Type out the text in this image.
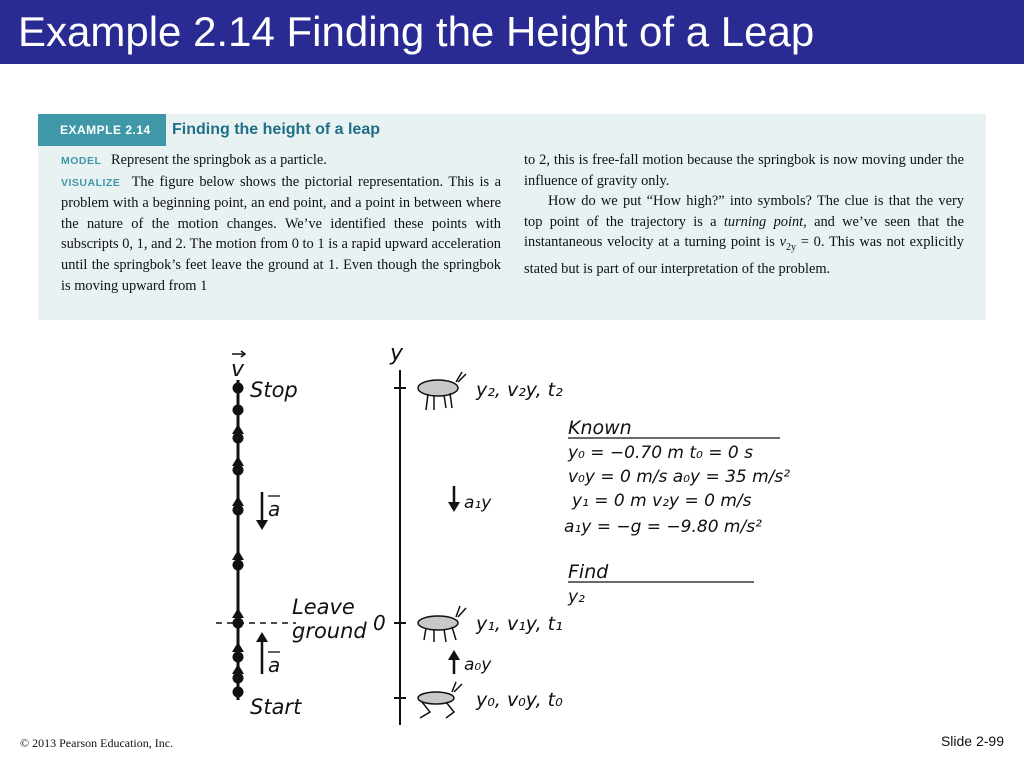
Example 2.14 Finding the Height of a Leap
EXAMPLE 2.14	Finding the height of a leap

MODEL Represent the springbok as a particle.

VISUALIZE The figure below shows the pictorial representation. This is a problem with a beginning point, an end point, and a point in between where the nature of the motion changes. We’ve identified these points with subscripts 0, 1, and 2. The motion from 0 to 1 is a rapid upward acceleration until the springbok’s feet leave the ground at 1. Even though the springbok is moving upward from 1

to 2, this is free-fall motion because the springbok is now moving under the influence of gravity only.

How do we put “How high?” into symbols? The clue is that the very top point of the trajectory is a turning point, and we’ve seen that the instantaneous velocity at a turning point is $v_{2y} = 0$. This was not explicitly stated but is part of our interpretation of the problem.

v
Stop
a
Leave
ground
a
Start
y
0
y₂, v₂y, t₂
a₁y
y₁, v₁y, t₁
a₀y
y₀, v₀y, t₀
Known
y₀ = −0.70 m t₀ = 0 s
v₀y = 0 m/s a₀y = 35 m/s²
y₁ = 0 m v₂y = 0 m/s
a₁y = −g = −9.80 m/s²
Find
y₂
© 2013 Pearson Education, Inc.	Slide 2-99
